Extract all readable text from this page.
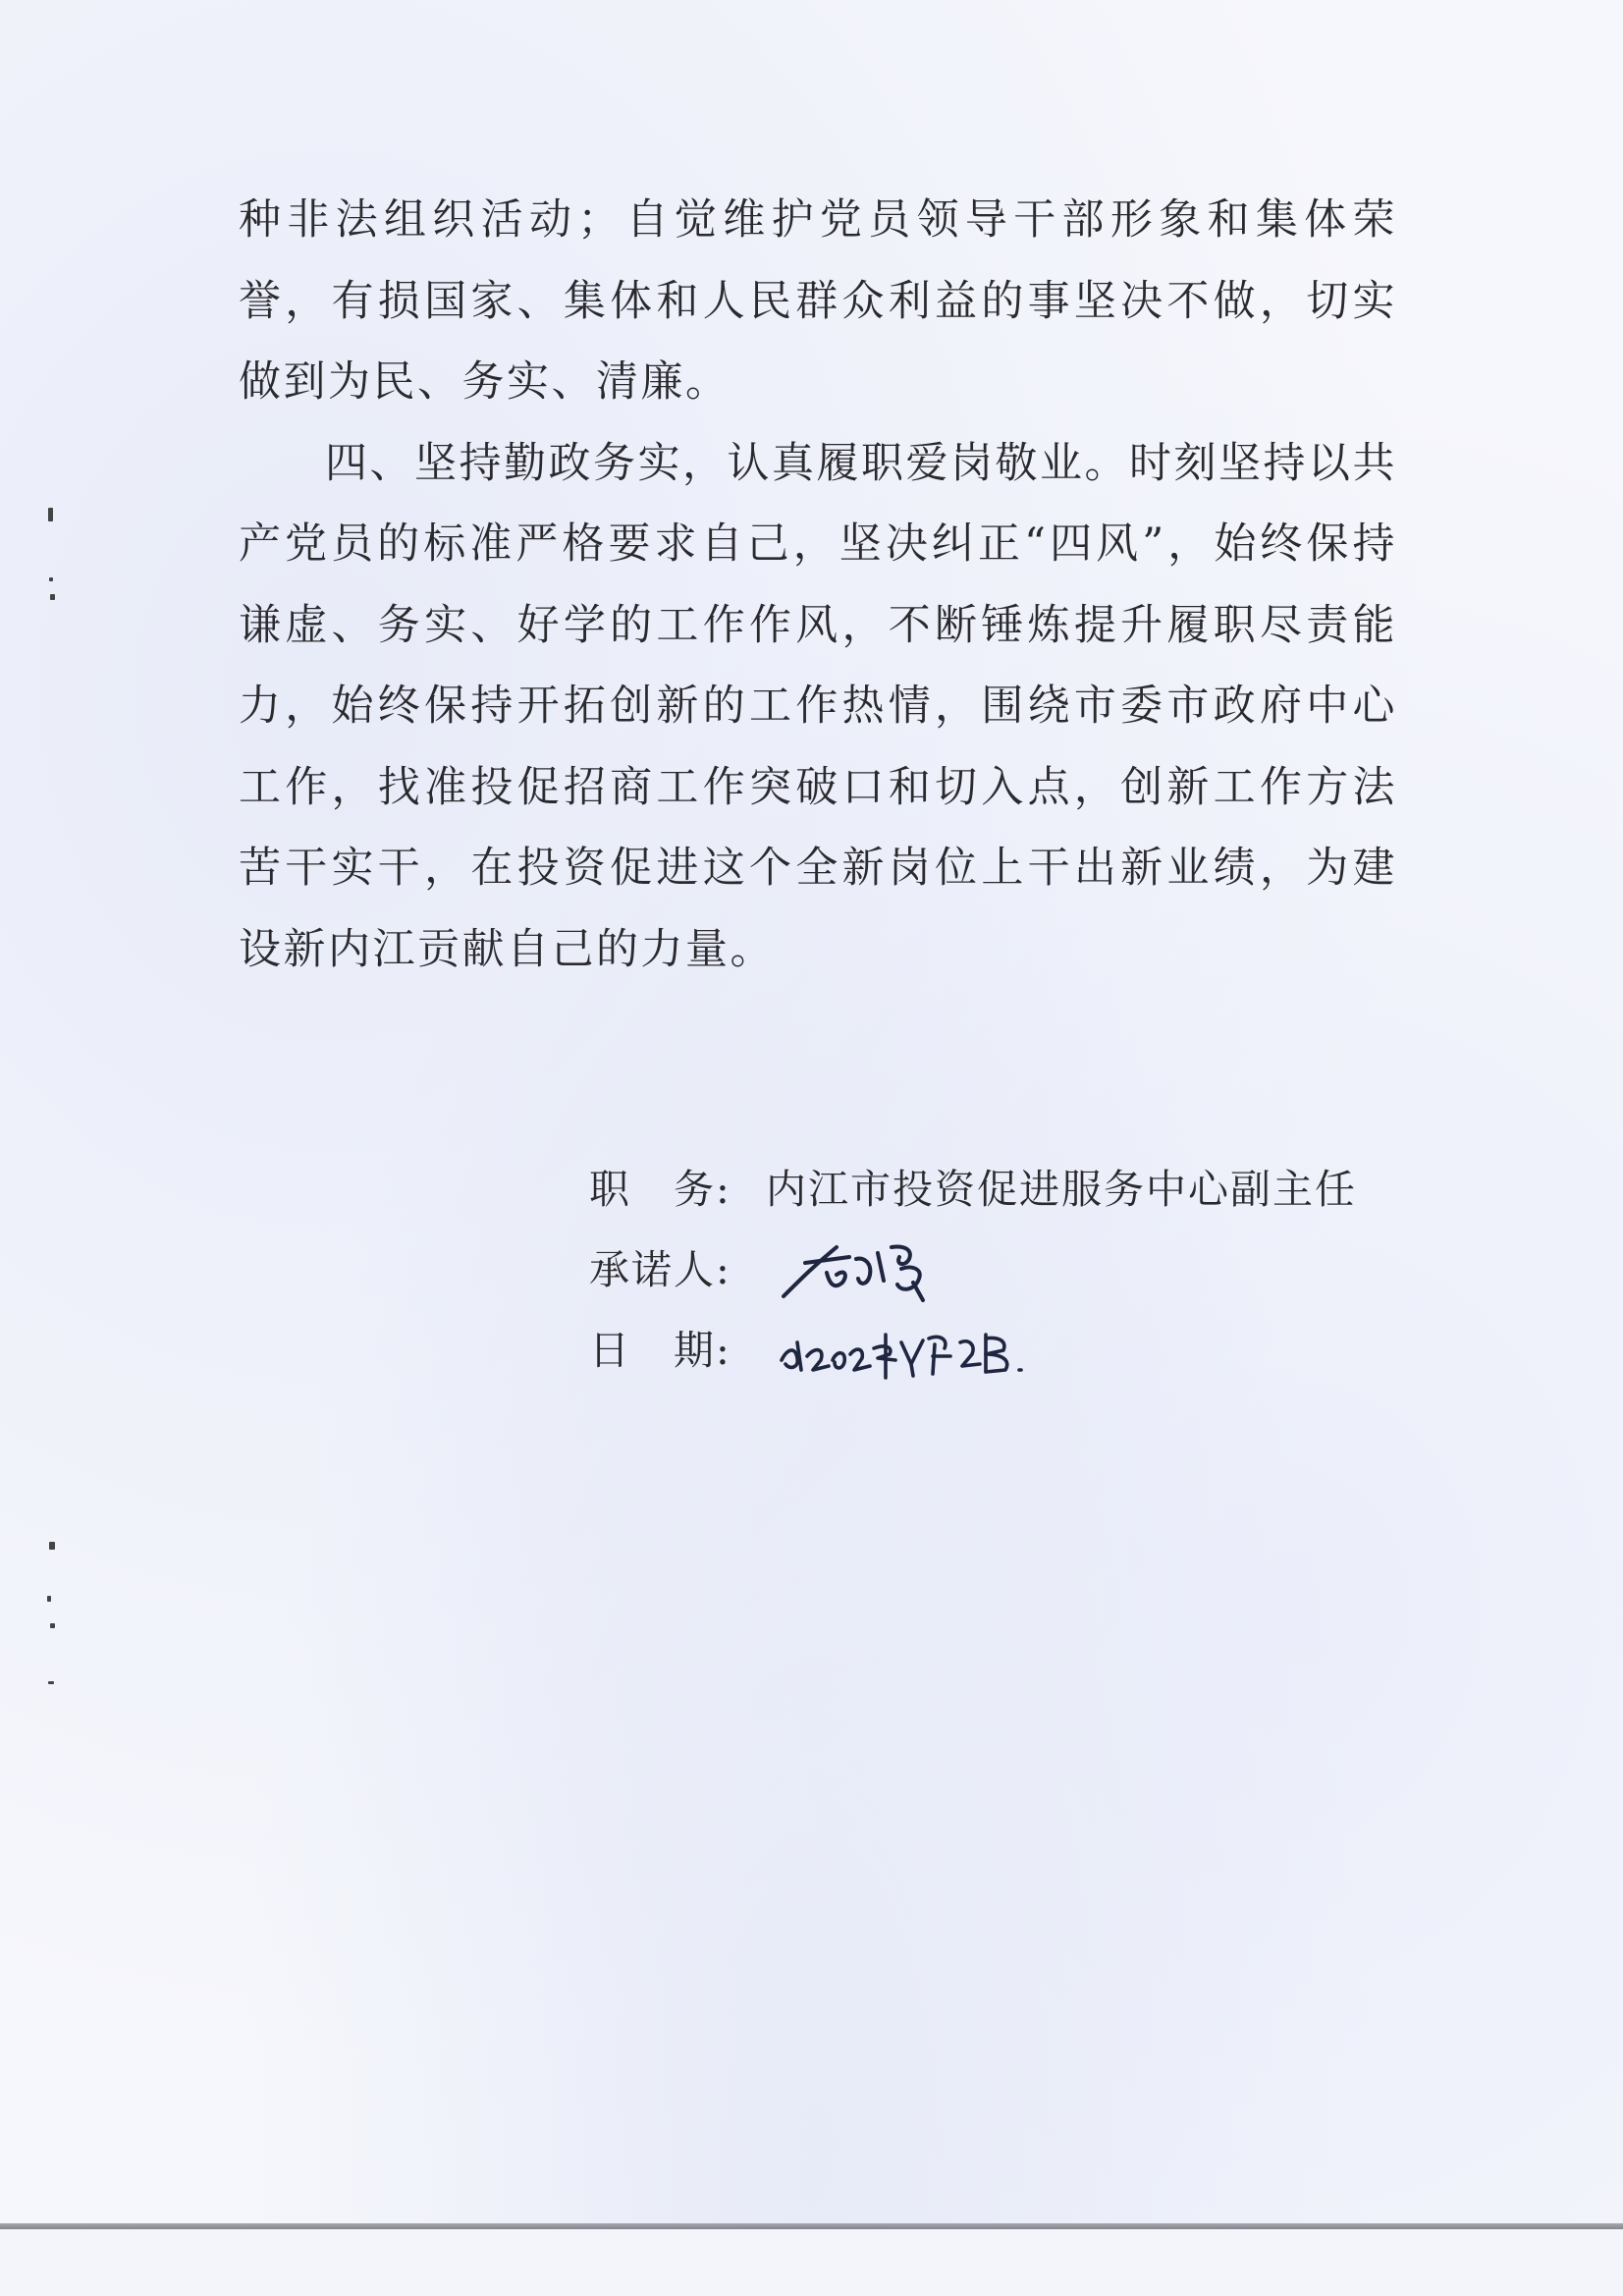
种非法组织活动；自觉维护党员领导干部形象和集体荣誉，有损国家、集体和人民群众利益的事坚决不做，切实做到为民、务实、清廉。

四、坚持勤政务实，认真履职爱岗敬业。时刻坚持以共产党员的标准严格要求自己，坚决纠正“四风”，始终保持谦虚、务实、好学的工作作风，不断锤炼提升履职尽责能力，始终保持开拓创新的工作热情，围绕市委市政府中心工作，找准投促招商工作突破口和切入点，创新工作方法苦干实干，在投资促进这个全新岗位上干出新业绩，为建设新内江贡献自己的力量。

职　务: 内江市投资促进服务中心副主任
承诺人:
日　期:
